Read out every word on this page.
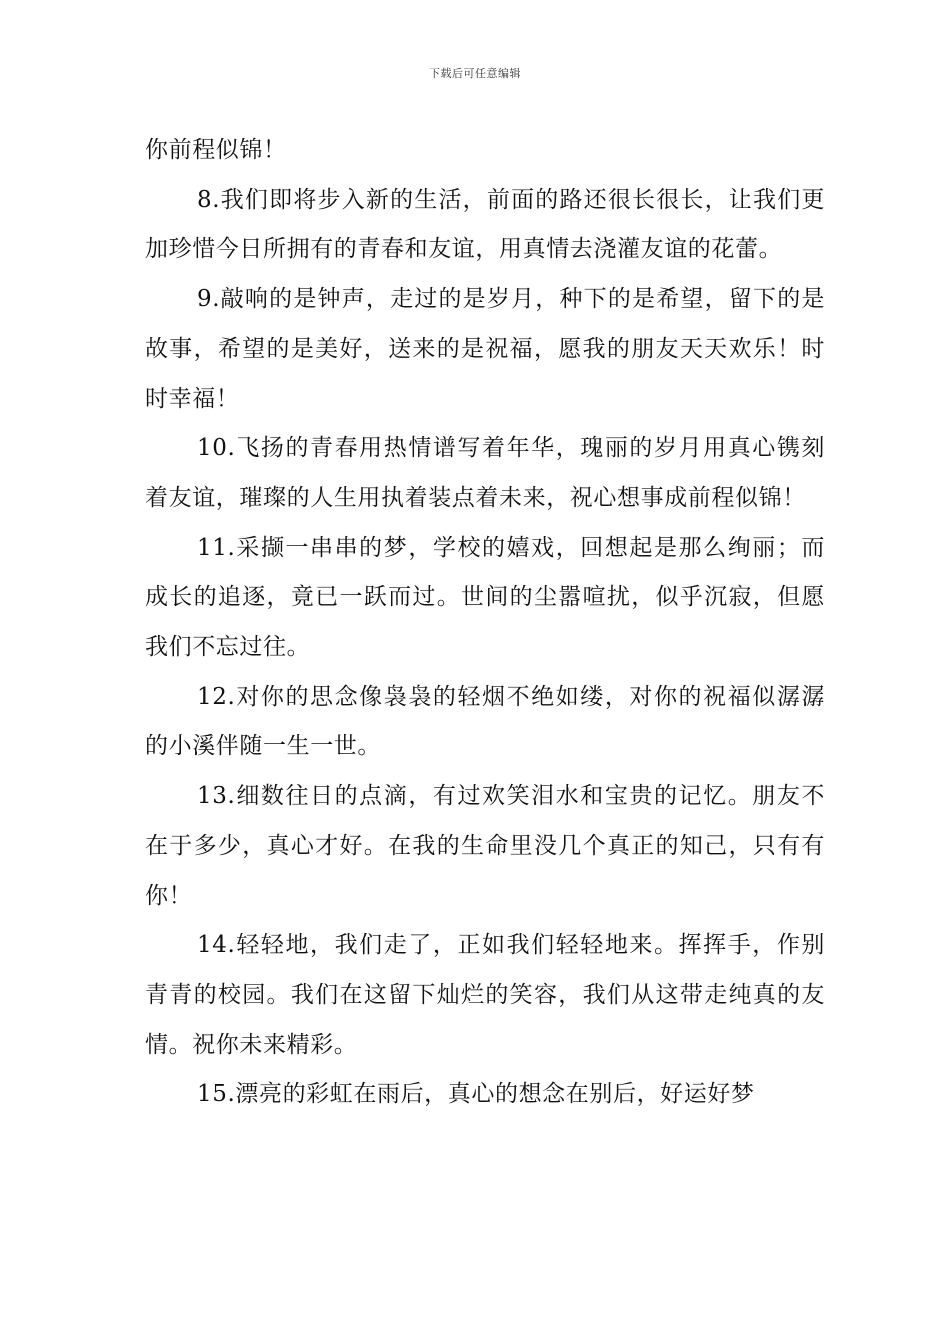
下载后可任意编辑

你前程似锦！

8.我们即将步入新的生活，前面的路还很长很长，让我们更加珍惜今日所拥有的青春和友谊，用真情去浇灌友谊的花蕾。

9.敲响的是钟声，走过的是岁月，种下的是希望，留下的是故事，希望的是美好，送来的是祝福，愿我的朋友天天欢乐！时时幸福！

10.飞扬的青春用热情谱写着年华，瑰丽的岁月用真心镌刻着友谊，璀璨的人生用执着装点着未来，祝心想事成前程似锦！

11.采撷一串串的梦，学校的嬉戏，回想起是那么绚丽；而成长的追逐，竟已一跃而过。世间的尘嚣喧扰，似乎沉寂，但愿我们不忘过往。

12.对你的思念像袅袅的轻烟不绝如缕，对你的祝福似潺潺的小溪伴随一生一世。

13.细数往日的点滴，有过欢笑泪水和宝贵的记忆。朋友不在于多少，真心才好。在我的生命里没几个真正的知己，只有有你！

14.轻轻地，我们走了，正如我们轻轻地来。挥挥手，作别青青的校园。我们在这留下灿烂的笑容，我们从这带走纯真的友情。祝你未来精彩。

15.漂亮的彩虹在雨后，真心的想念在别后，好运好梦
